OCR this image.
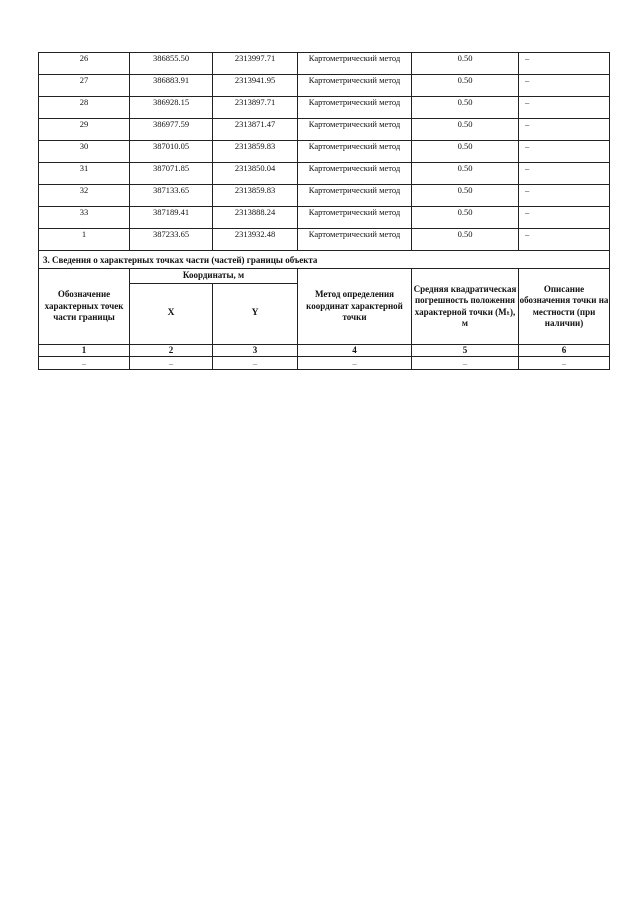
26	386855.50	2313997.71	Картометрический метод	0.50	–
27	386883.91	2313941.95	Картометрический метод	0.50	–
28	386928.15	2313897.71	Картометрический метод	0.50	–
29	386977.59	2313871.47	Картометрический метод	0.50	–
30	387010.05	2313859.83	Картометрический метод	0.50	–
31	387071.85	2313850.04	Картометрический метод	0.50	–
32	387133.65	2313859.83	Картометрический метод	0.50	–
33	387189.41	2313888.24	Картометрический метод	0.50	–
1	387233.65	2313932.48	Картометрический метод	0.50	–
3. Сведения о характерных точках части (частей) границы объекта					
Обозначение характерных точек части границы	Координаты, м		Метод определения координат характерной точки	Средняя квадратическая погрешность положения характерной точки (Mₜ), м	Описание обозначения точки на местности (при наличии)
	X	Y			
1	2	3	4	5	6
–	–	–	–	–	–
